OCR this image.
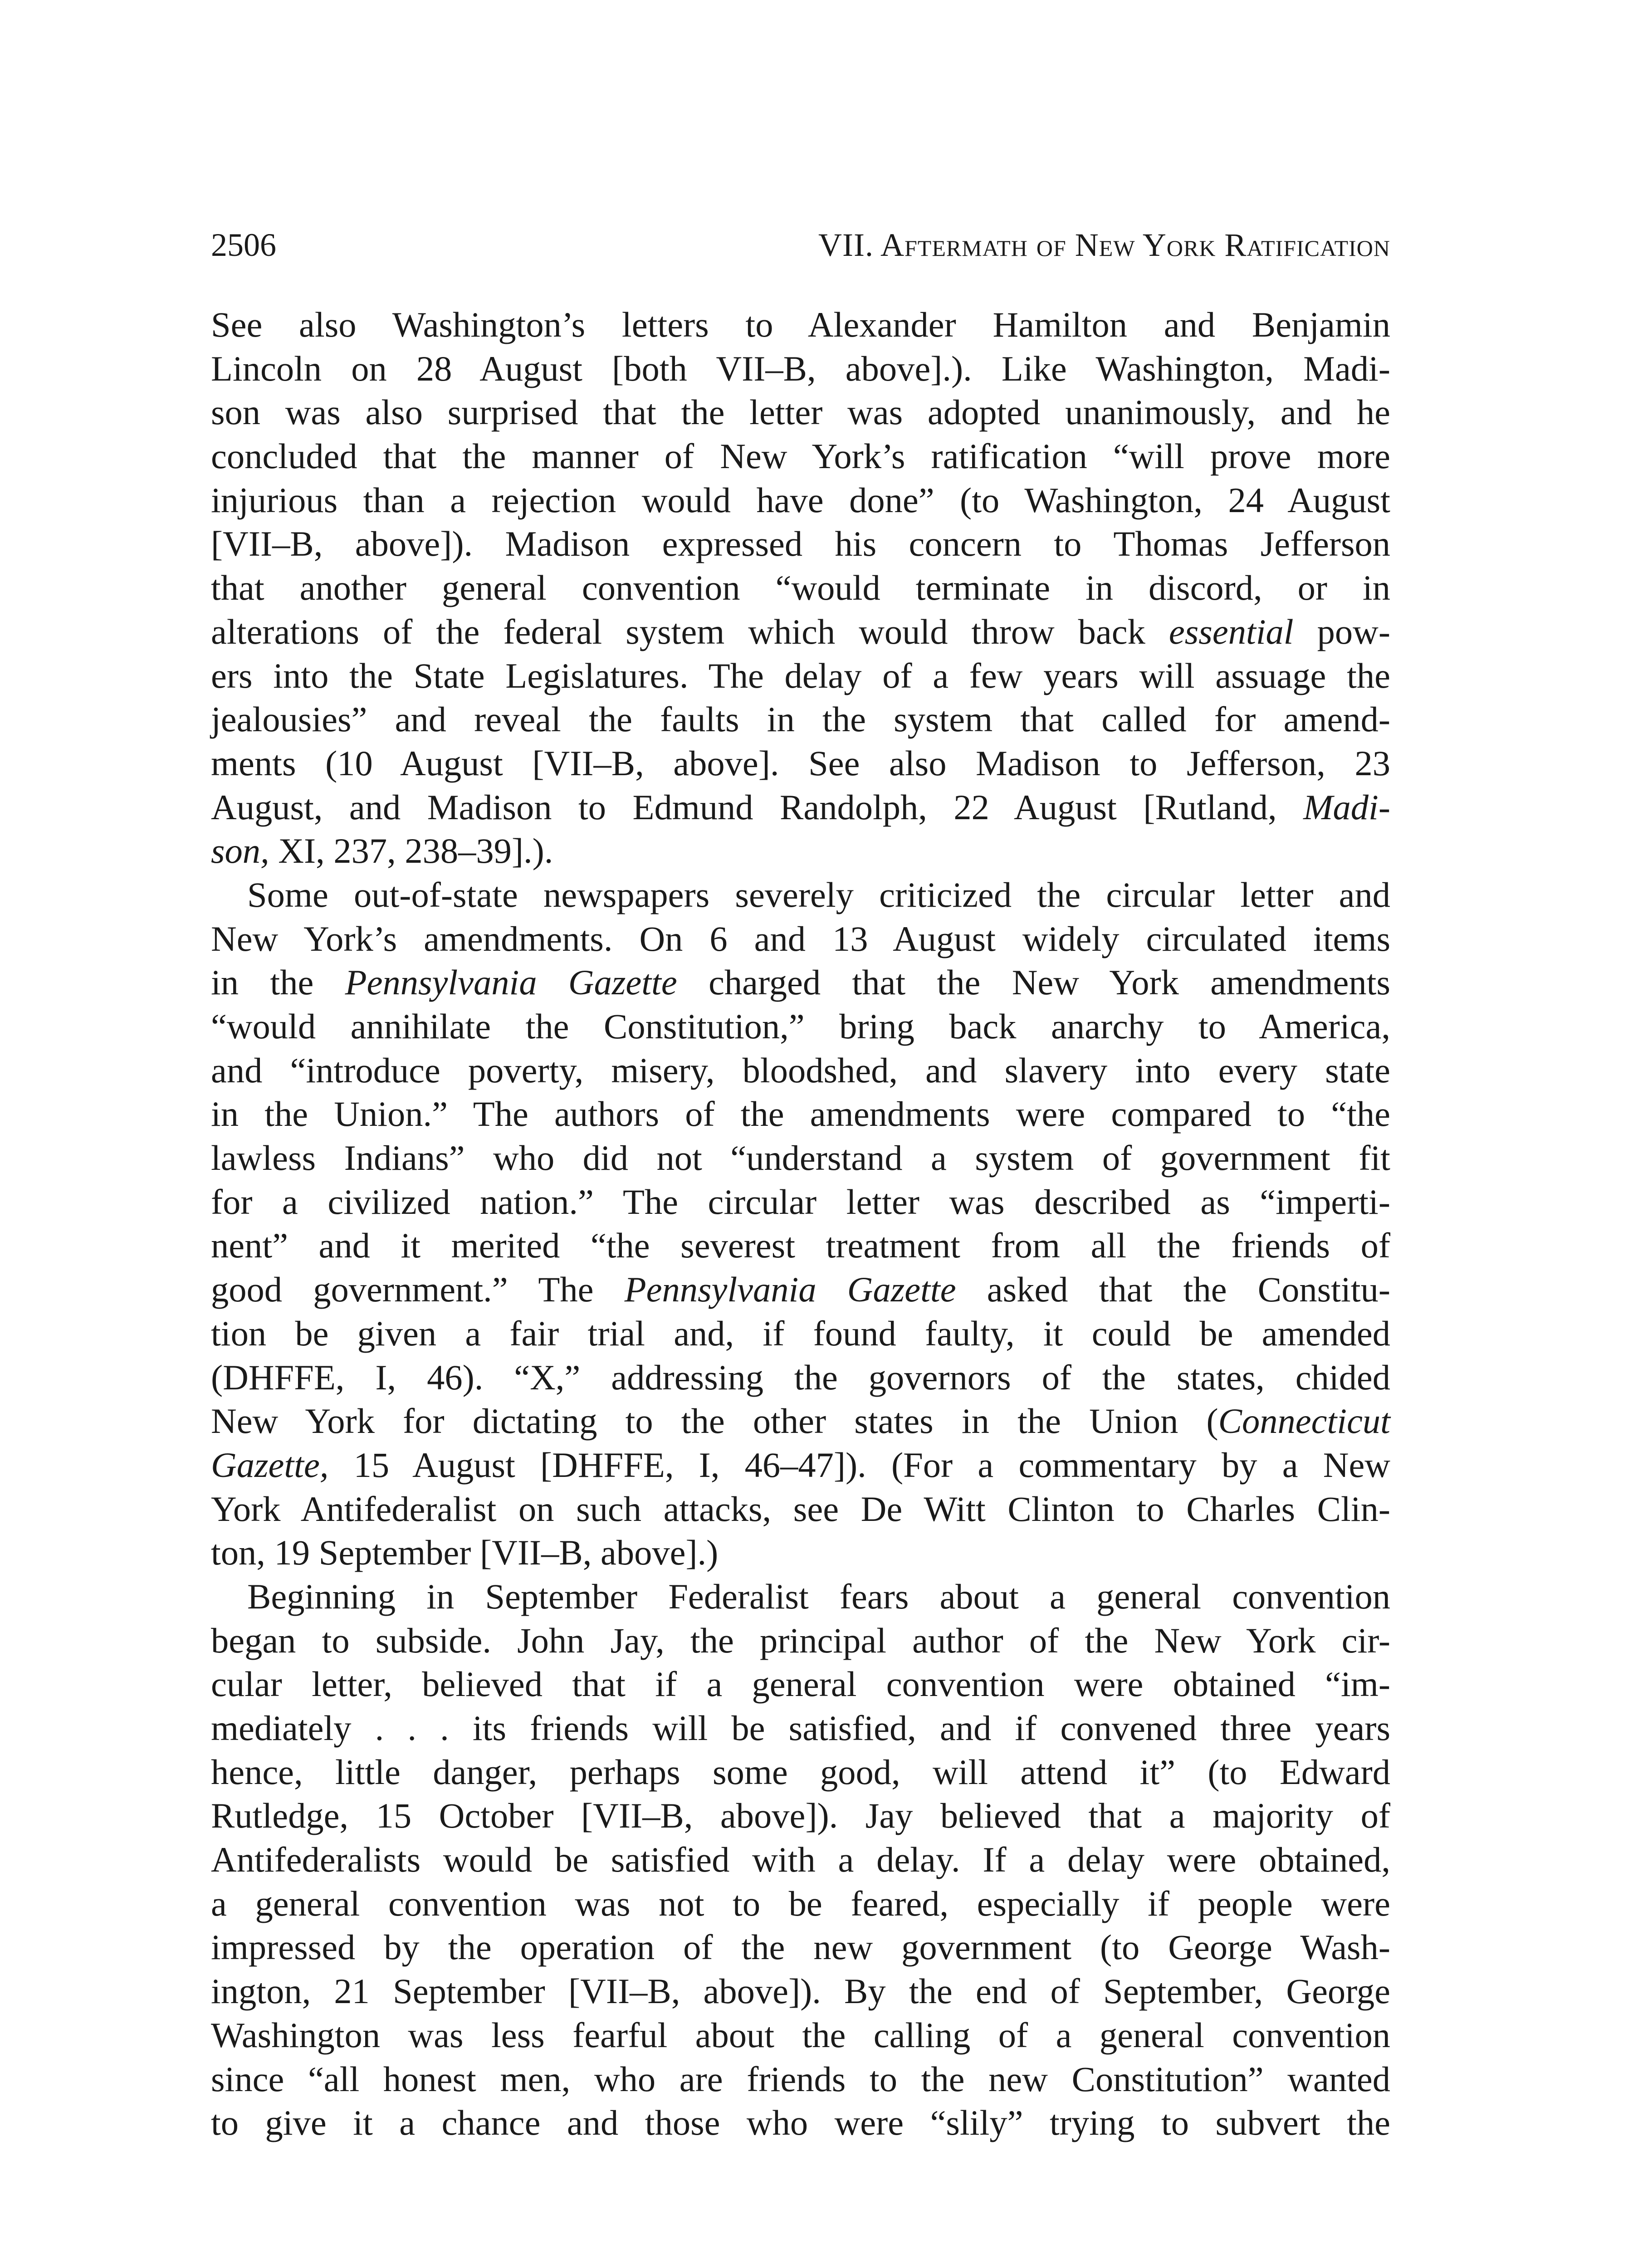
2506	VII. Aftermath of New York Ratification

See also Washington’s letters to Alexander Hamilton and Benjamin
Lincoln on 28 August [both VII–B, above].). Like Washington, Madi-
son was also surprised that the letter was adopted unanimously, and he
concluded that the manner of New York’s ratification “will prove more
injurious than a rejection would have done” (to Washington, 24 August
[VII–B, above]). Madison expressed his concern to Thomas Jefferson
that another general convention “would terminate in discord, or in
alterations of the federal system which would throw back essential pow-
ers into the State Legislatures. The delay of a few years will assuage the
jealousies” and reveal the faults in the system that called for amend-
ments (10 August [VII–B, above]. See also Madison to Jefferson, 23
August, and Madison to Edmund Randolph, 22 August [Rutland, Madi-
son, XI, 237, 238–39].).

Some out-of-state newspapers severely criticized the circular letter and
New York’s amendments. On 6 and 13 August widely circulated items
in the Pennsylvania Gazette charged that the New York amendments
“would annihilate the Constitution,” bring back anarchy to America,
and “introduce poverty, misery, bloodshed, and slavery into every state
in the Union.” The authors of the amendments were compared to “the
lawless Indians” who did not “understand a system of government fit
for a civilized nation.” The circular letter was described as “imperti-
nent” and it merited “the severest treatment from all the friends of
good government.” The Pennsylvania Gazette asked that the Constitu-
tion be given a fair trial and, if found faulty, it could be amended
(DHFFE, I, 46). “X,” addressing the governors of the states, chided
New York for dictating to the other states in the Union (Connecticut
Gazette, 15 August [DHFFE, I, 46–47]). (For a commentary by a New
York Antifederalist on such attacks, see De Witt Clinton to Charles Clin-
ton, 19 September [VII–B, above].)

Beginning in September Federalist fears about a general convention
began to subside. John Jay, the principal author of the New York cir-
cular letter, believed that if a general convention were obtained “im-
mediately . . . its friends will be satisfied, and if convened three years
hence, little danger, perhaps some good, will attend it” (to Edward
Rutledge, 15 October [VII–B, above]). Jay believed that a majority of
Antifederalists would be satisfied with a delay. If a delay were obtained,
a general convention was not to be feared, especially if people were
impressed by the operation of the new government (to George Wash-
ington, 21 September [VII–B, above]). By the end of September, George
Washington was less fearful about the calling of a general convention
since “all honest men, who are friends to the new Constitution” wanted
to give it a chance and those who were “slily” trying to subvert the
